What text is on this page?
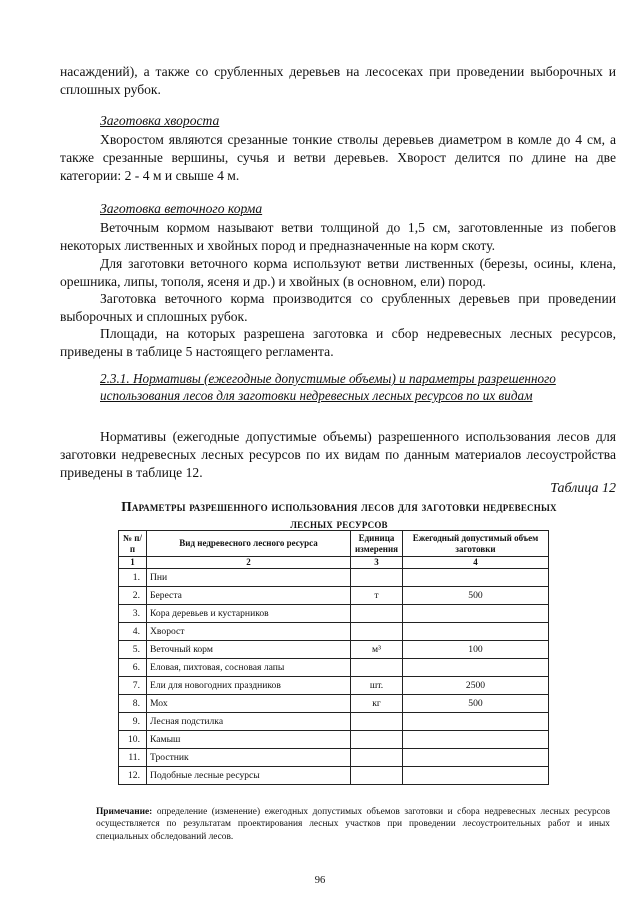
насаждений), а также со срубленных деревьев на лесосеках при проведении выборочных и сплошных рубок.

Заготовка хвороста

Хворостом являются срезанные тонкие стволы деревьев диаметром в комле до 4 см, а также срезанные вершины, сучья и ветви деревьев. Хворост делится по длине на две категории: 2 - 4 м и свыше 4 м.

Заготовка веточного корма

Веточным кормом называют ветви толщиной до 1,5 см, заготовленные из побегов некоторых лиственных и хвойных пород и предназначенные на корм скоту.

Для заготовки веточного корма используют ветви лиственных (березы, осины, клена, орешника, липы, тополя, ясеня и др.) и хвойных (в основном, ели) пород.

Заготовка веточного корма производится со срубленных деревьев при проведении выборочных и сплошных рубок.

Площади, на которых разрешена заготовка и сбор недревесных лесных ресурсов, приведены в таблице 5 настоящего регламента.

2.3.1. Нормативы (ежегодные допустимые объемы) и параметры разрешенного использования лесов для заготовки недревесных лесных ресурсов по их видам

Нормативы (ежегодные допустимые объемы) разрешенного использования лесов для заготовки недревесных лесных ресурсов по их видам по данным материалов лесоустройства приведены в таблице 12.

Таблица 12
Параметры разрешенного использования лесов для заготовки недревесных лесных ресурсов
№ п/п	Вид недревесного лесного ресурса	Единица измерения	Ежегодный допустимый объем заготовки
1	2	3	4
1.	Пни		
2.	Береста	т	500
3.	Кора деревьев и кустарников		
4.	Хворост		
5.	Веточный корм	м³	100
6.	Еловая, пихтовая, сосновая лапы		
7.	Ели для новогодних праздников	шт.	2500
8.	Мох	кг	500
9.	Лесная подстилка		
10.	Камыш		
11.	Тростник		
12.	Подобные лесные ресурсы		

Примечание: определение (изменение) ежегодных допустимых объемов заготовки и сбора недревесных лесных ресурсов осуществляется по результатам проектирования лесных участков при проведении лесоустроительных работ и иных специальных обследований лесов.

96
